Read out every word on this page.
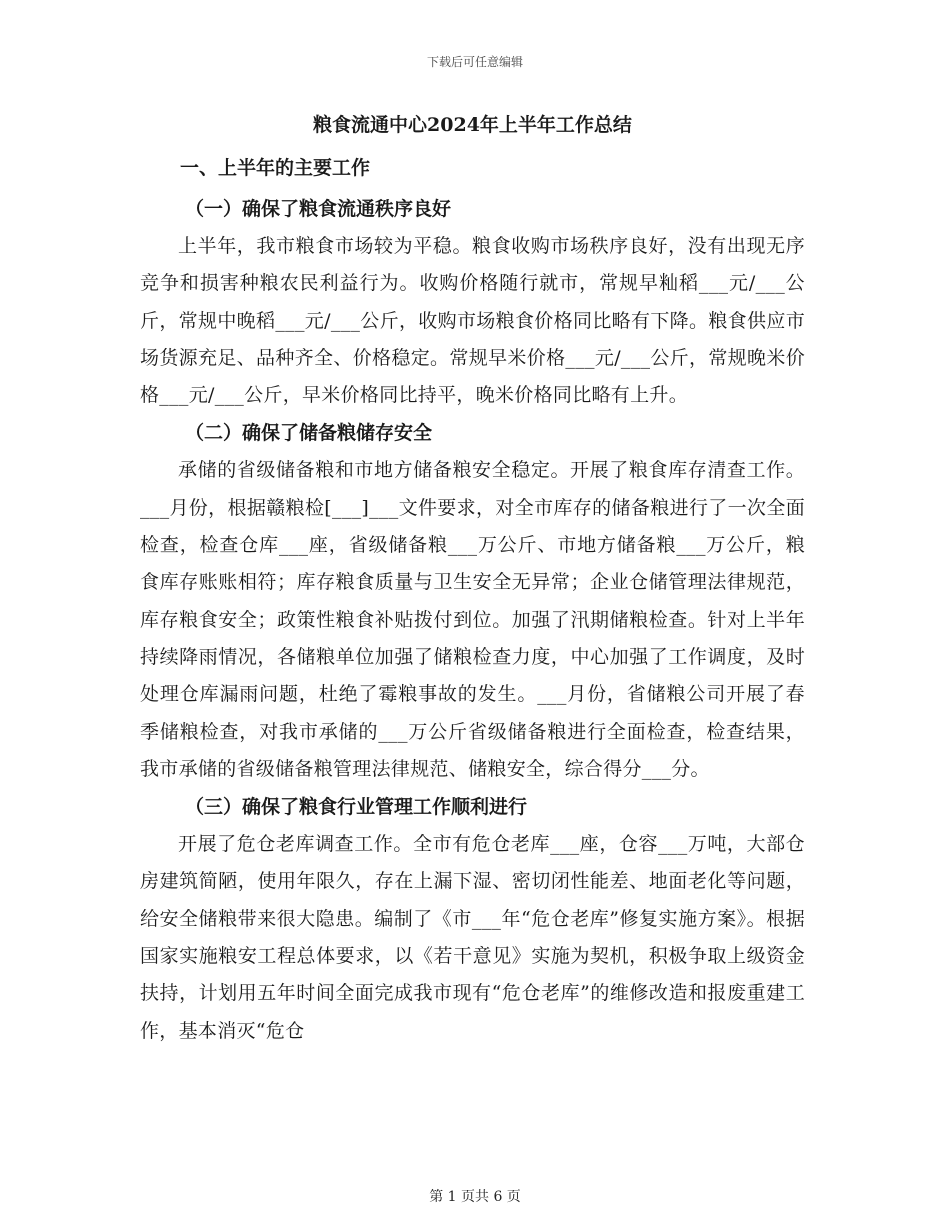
下载后可任意编辑
粮食流通中心2024年上半年工作总结
一、上半年的主要工作
（一）确保了粮食流通秩序良好

上半年，我市粮食市场较为平稳。粮食收购市场秩序良好，没有出现无序竞争和损害种粮农民利益行为。收购价格随行就市，常规早籼稻___元/___公斤，常规中晚稻___元/___公斤，收购市场粮食价格同比略有下降。粮食供应市场货源充足、品种齐全、价格稳定。常规早米价格___元/___公斤，常规晚米价格___元/___公斤，早米价格同比持平，晚米价格同比略有上升。

（二）确保了储备粮储存安全

承储的省级储备粮和市地方储备粮安全稳定。开展了粮食库存清查工作。___月份，根据赣粮检[___]___文件要求，对全市库存的储备粮进行了一次全面检查，检查仓库___座，省级储备粮___万公斤、市地方储备粮___万公斤，粮食库存账账相符；库存粮食质量与卫生安全无异常；企业仓储管理法律规范，库存粮食安全；政策性粮食补贴拨付到位。加强了汛期储粮检查。针对上半年持续降雨情况，各储粮单位加强了储粮检查力度，中心加强了工作调度，及时处理仓库漏雨问题，杜绝了霉粮事故的发生。___月份，省储粮公司开展了春季储粮检查，对我市承储的___万公斤省级储备粮进行全面检查，检查结果，我市承储的省级储备粮管理法律规范、储粮安全，综合得分___分。

（三）确保了粮食行业管理工作顺利进行

开展了危仓老库调查工作。全市有危仓老库___座，仓容___万吨，大部仓房建筑简陋，使用年限久，存在上漏下湿、密切闭性能差、地面老化等问题，给安全储粮带来很大隐患。编制了《市___年“危仓老库”修复实施方案》。根据国家实施粮安工程总体要求，以《若干意见》实施为契机，积极争取上级资金扶持，计划用五年时间全面完成我市现有“危仓老库”的维修改造和报废重建工作，基本消灭“危仓

第 1 页共 6 页
